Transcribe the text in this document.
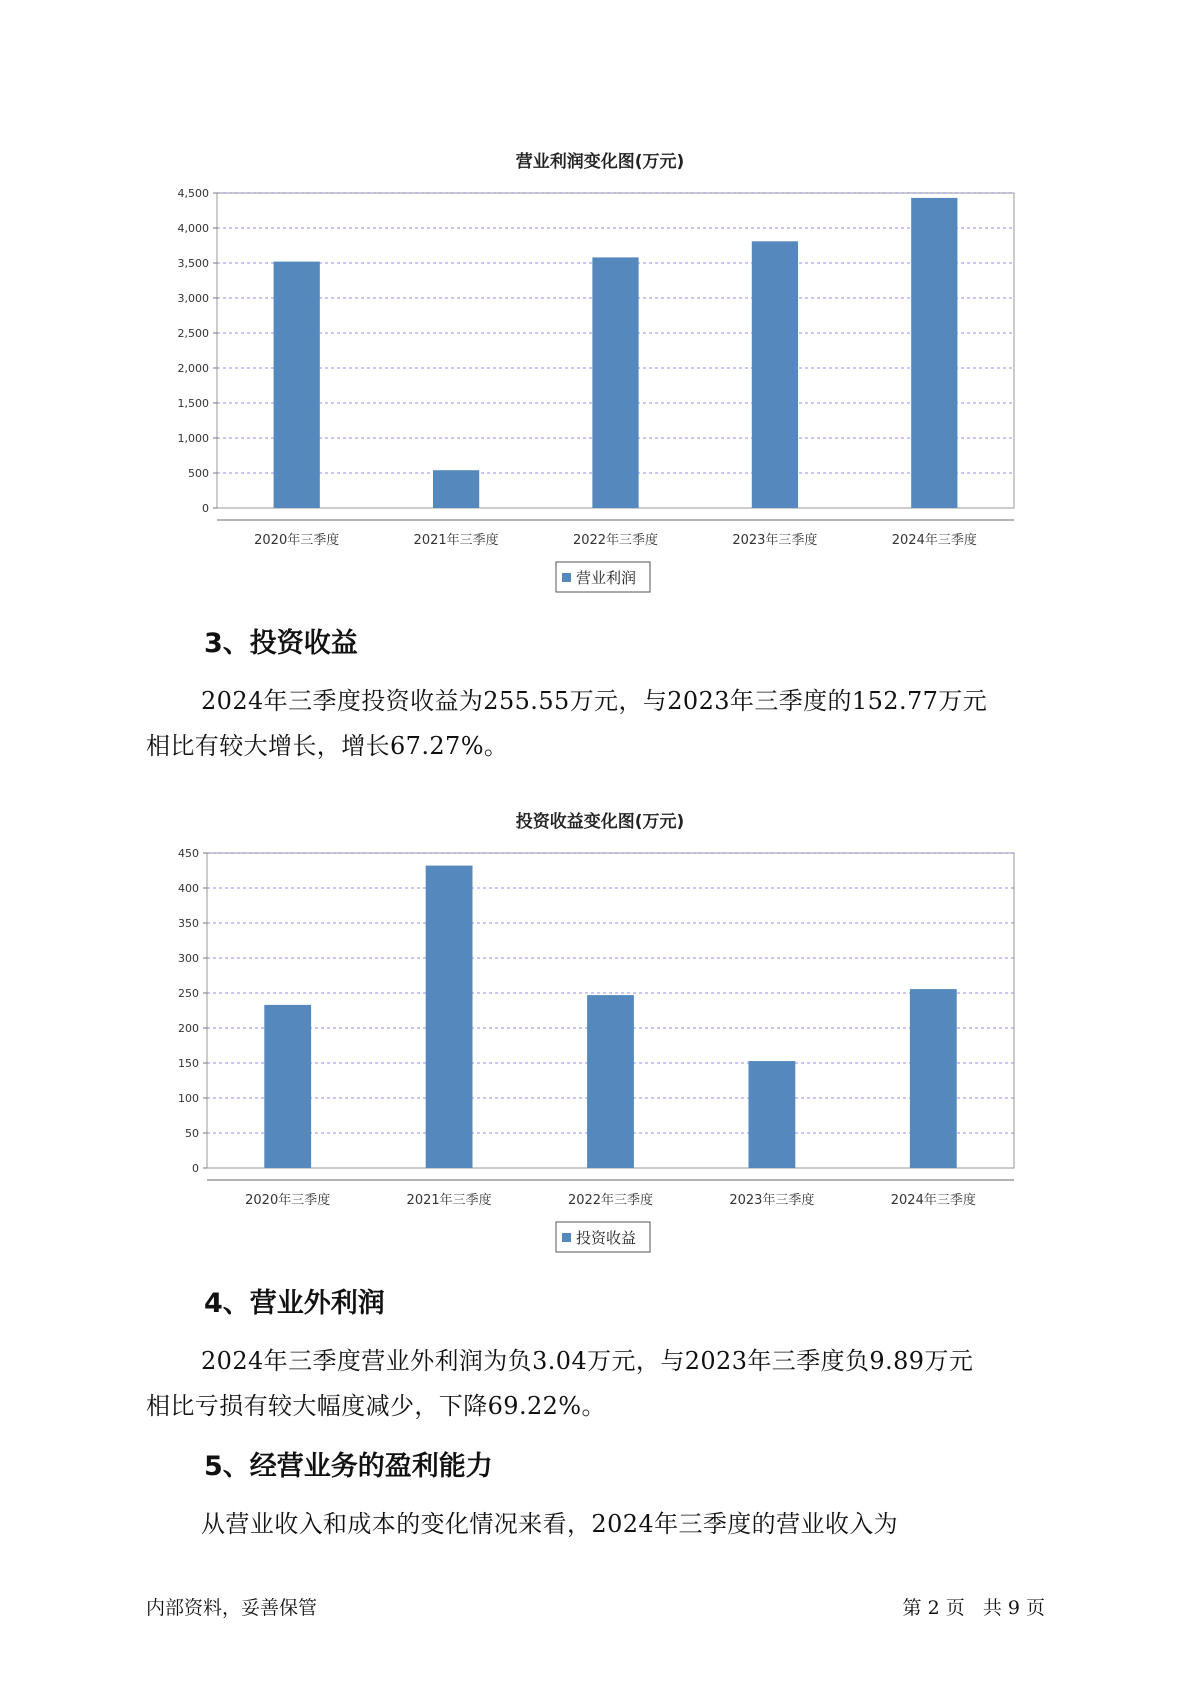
营业利润变化图(万元)
0
500
1,000
1,500
2,000
2,500
3,000
3,500
4,000
4,500
2020年三季度	2021年三季度	2022年三季度	2023年三季度	2024年三季度
营业利润
3、投资收益

2024年三季度投资收益为255.55万元，与2023年三季度的152.77万元
相比有较大增长，增长67.27%。

投资收益变化图(万元)
0
50
100
150
200
250
300
350
400
450
2020年三季度	2021年三季度	2022年三季度	2023年三季度	2024年三季度
投资收益
4、营业外利润

2024年三季度营业外利润为负3.04万元，与2023年三季度负9.89万元
相比亏损有较大幅度减少，下降69.22%。

5、经营业务的盈利能力

从营业收入和成本的变化情况来看，2024年三季度的营业收入为

内部资料，妥善保管	第 2 页   共 9 页
